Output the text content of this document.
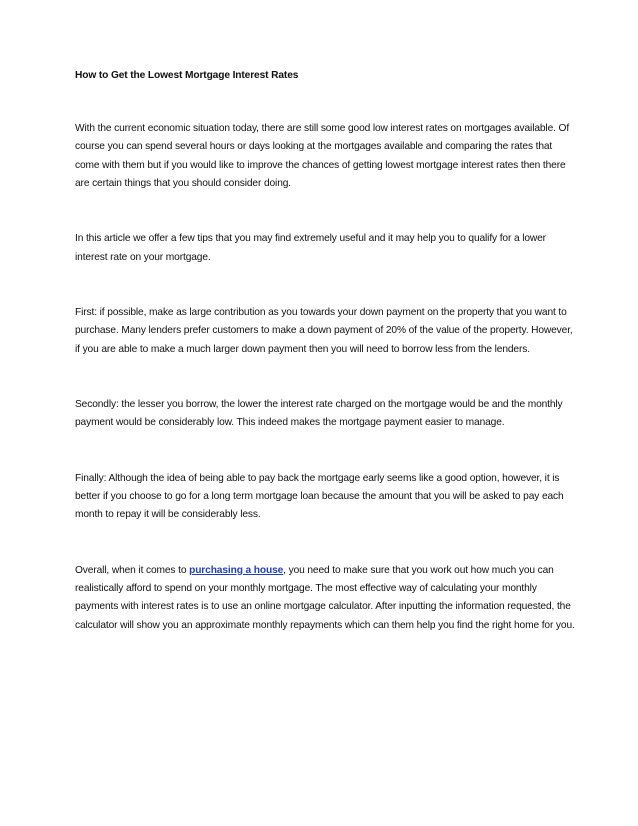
How to Get the Lowest Mortgage Interest Rates

With the current economic situation today, there are still some good low interest rates on mortgages available. Of course you can spend several hours or days looking at the mortgages available and comparing the rates that come with them but if you would like to improve the chances of getting lowest mortgage interest rates then there are certain things that you should consider doing.

In this article we offer a few tips that you may find extremely useful and it may help you to qualify for a lower interest rate on your mortgage.

First: if possible, make as large contribution as you towards your down payment on the property that you want to purchase. Many lenders prefer customers to make a down payment of 20% of the value of the property. However, if you are able to make a much larger down payment then you will need to borrow less from the lenders.

Secondly: the lesser you borrow, the lower the interest rate charged on the mortgage would be and the monthly payment would be considerably low. This indeed makes the mortgage payment easier to manage.

Finally: Although the idea of being able to pay back the mortgage early seems like a good option, however, it is better if you choose to go for a long term mortgage loan because the amount that you will be asked to pay each month to repay it will be considerably less.

Overall, when it comes to purchasing a house, you need to make sure that you work out how much you can realistically afford to spend on your monthly mortgage. The most effective way of calculating your monthly payments with interest rates is to use an online mortgage calculator. After inputting the information requested, the calculator will show you an approximate monthly repayments which can them help you find the right home for you.
